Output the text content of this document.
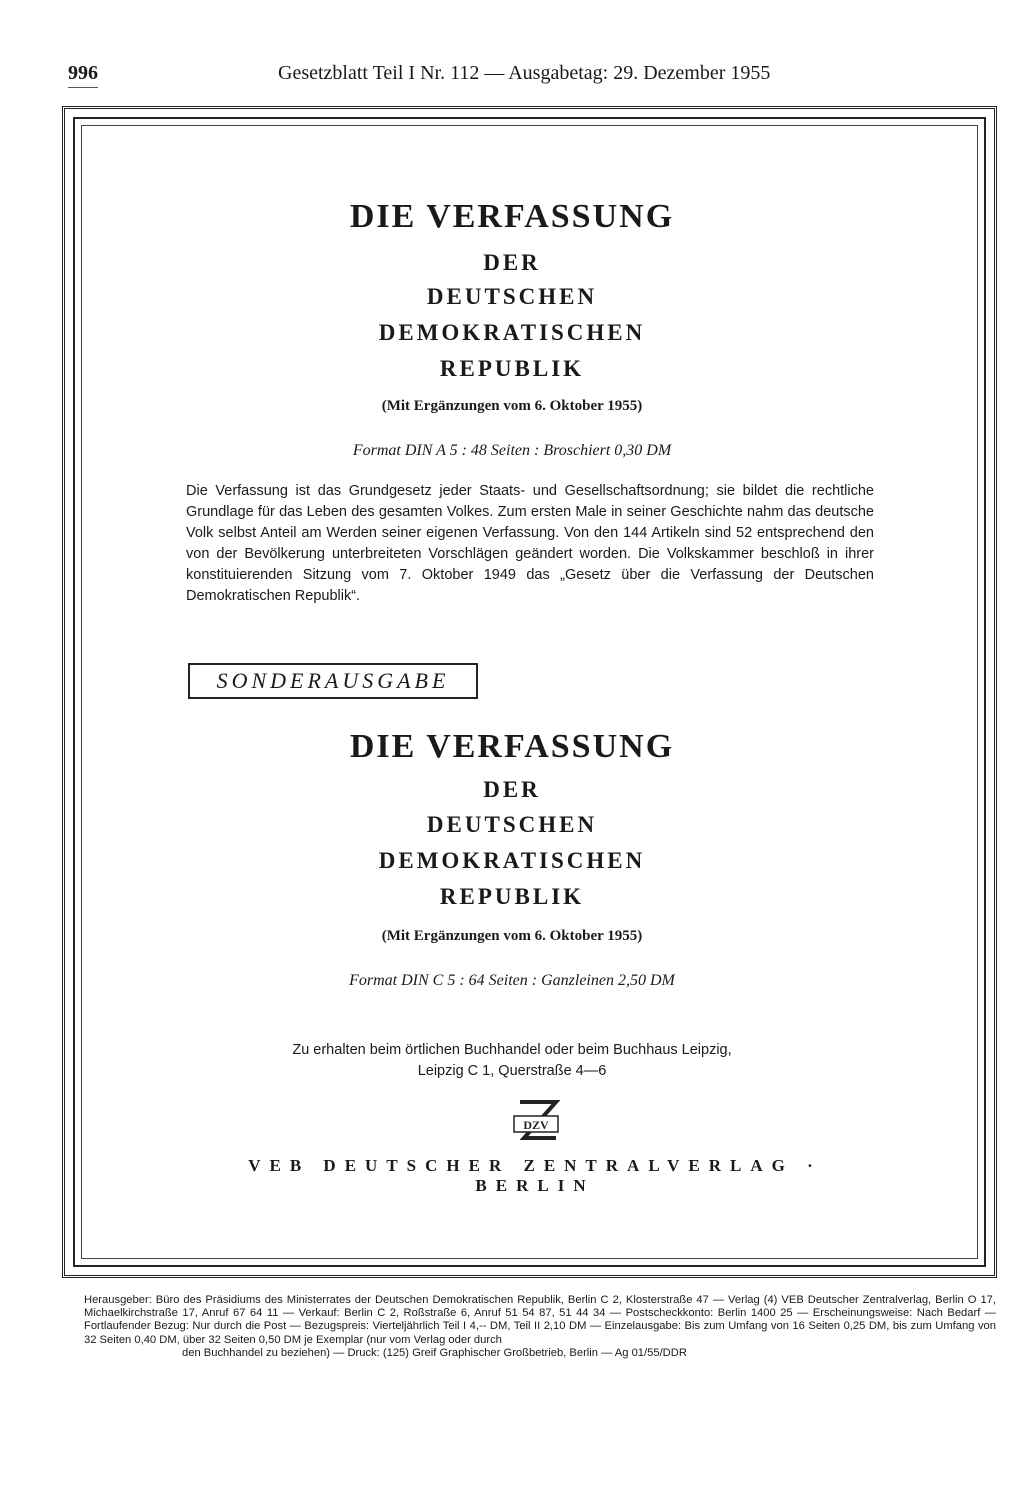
996	Gesetzblatt Teil I Nr. 112 — Ausgabetag: 29. Dezember 1955
DIE VERFASSUNG
DER
DEUTSCHEN
DEMOKRATISCHEN
REPUBLIK
(Mit Ergänzungen vom 6. Oktober 1955)
Format DIN A 5 : 48 Seiten : Broschiert 0,30 DM
Die Verfassung ist das Grundgesetz jeder Staats- und Gesellschaftsordnung; sie bildet die rechtliche Grundlage für das Leben des gesamten Volkes. Zum ersten Male in seiner Geschichte nahm das deutsche Volk selbst Anteil am Werden seiner eigenen Verfassung. Von den 144 Artikeln sind 52 entsprechend den von der Bevölkerung unterbreiteten Vorschlägen geändert worden. Die Volkskammer beschloß in ihrer konstituierenden Sitzung vom 7. Oktober 1949 das „Gesetz über die Verfassung der Deutschen Demokratischen Republik“.
SONDERAUSGABE
DIE VERFASSUNG
DER
DEUTSCHEN
DEMOKRATISCHEN
REPUBLIK
(Mit Ergänzungen vom 6. Oktober 1955)
Format DIN C 5 : 64 Seiten : Ganzleinen 2,50 DM
Zu erhalten beim örtlichen Buchhandel oder beim Buchhaus Leipzig,
Leipzig C 1, Querstraße 4—6
DZV
VEB DEUTSCHER ZENTRALVERLAG · BERLIN
Herausgeber: Büro des Präsidiums des Ministerrates der Deutschen Demokratischen Republik, Berlin C 2, Klosterstraße 47 — Verlag (4) VEB Deutscher Zentralverlag, Berlin O 17, Michaelkirchstraße 17, Anruf 67 64 11 — Verkauf: Berlin C 2, Roßstraße 6, Anruf 51 54 87, 51 44 34 — Postscheckkonto: Berlin 1400 25 — Erscheinungsweise: Nach Bedarf — Fortlaufender Bezug: Nur durch die Post — Bezugspreis: Vierteljährlich Teil I 4,-- DM, Teil II 2,10 DM — Einzelausgabe: Bis zum Umfang von 16 Seiten 0,25 DM, bis zum Umfang von 32 Seiten 0,40 DM, über 32 Seiten 0,50 DM je Exemplar (nur vom Verlag oder durch
den Buchhandel zu beziehen) — Druck: (125) Greif Graphischer Großbetrieb, Berlin — Ag 01/55/DDR
